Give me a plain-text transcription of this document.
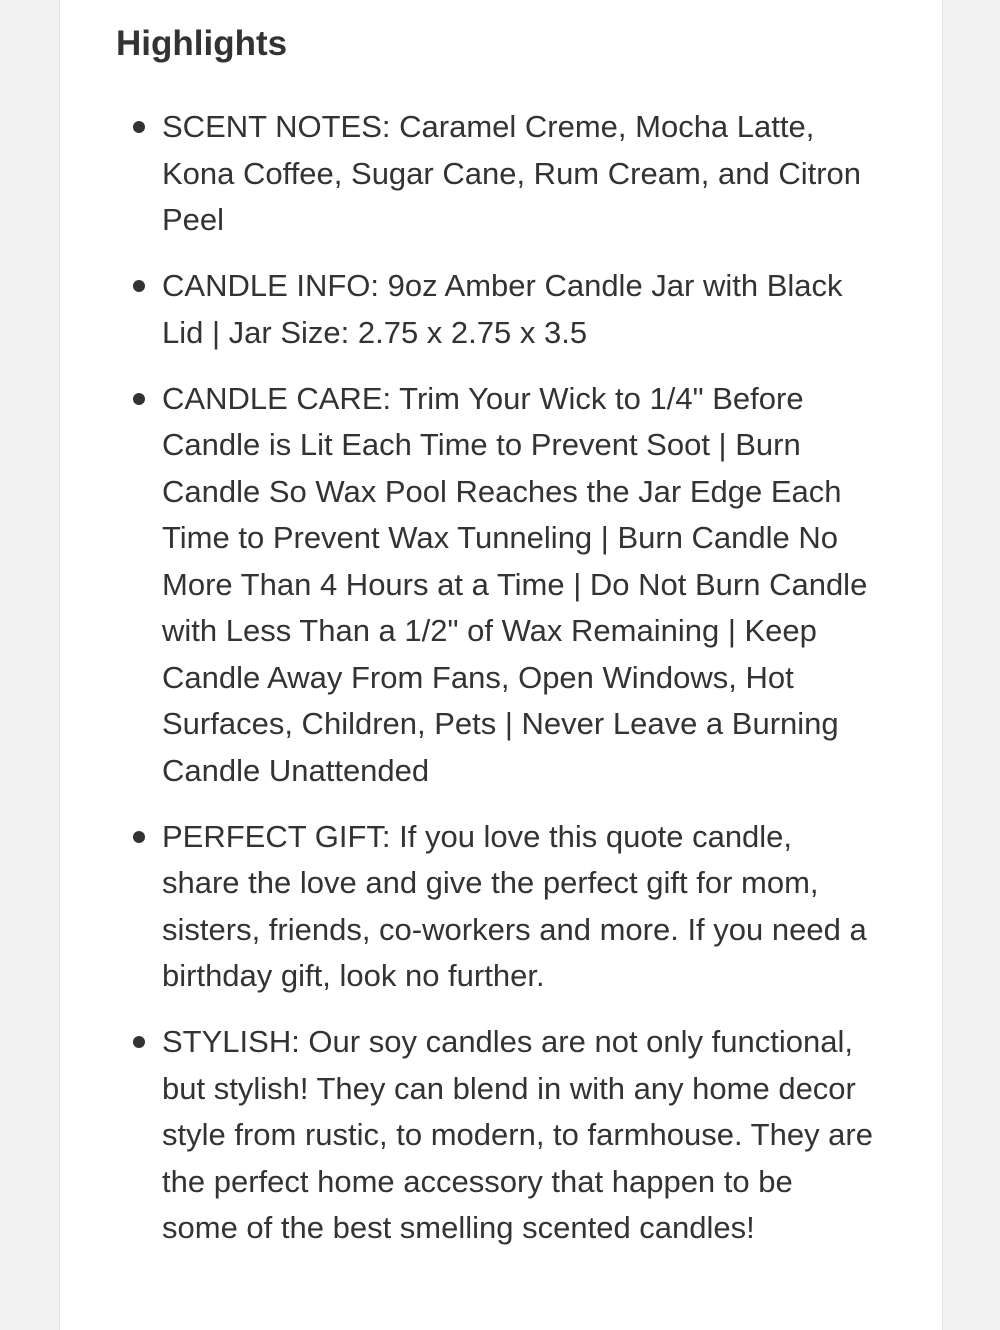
Highlights
SCENT NOTES: Caramel Creme, Mocha Latte, Kona Coffee, Sugar Cane, Rum Cream, and Citron Peel
CANDLE INFO: 9oz Amber Candle Jar with Black Lid | Jar Size: 2.75 x 2.75 x 3.5
CANDLE CARE: Trim Your Wick to 1/4" Before Candle is Lit Each Time to Prevent Soot | Burn Candle So Wax Pool Reaches the Jar Edge Each Time to Prevent Wax Tunneling | Burn Candle No More Than 4 Hours at a Time | Do Not Burn Candle with Less Than a 1/2" of Wax Remaining | Keep Candle Away From Fans, Open Windows, Hot Surfaces, Children, Pets | Never Leave a Burning Candle Unattended
PERFECT GIFT: If you love this quote candle, share the love and give the perfect gift for mom, sisters, friends, co-workers and more. If you need a birthday gift, look no further.
STYLISH: Our soy candles are not only functional, but stylish! They can blend in with any home decor style from rustic, to modern, to farmhouse. They are the perfect home accessory that happen to be some of the best smelling scented candles!
